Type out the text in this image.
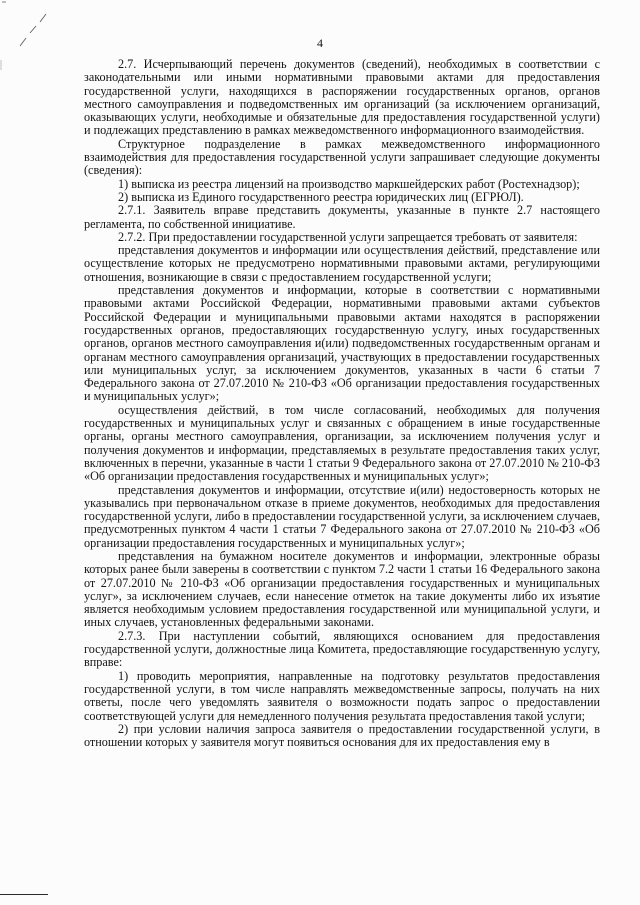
4

2.7. Исчерпывающий перечень документов (сведений), необходимых в соответствии с законодательными или иными нормативными правовыми актами для предоставления государственной услуги, находящихся в распоряжении государственных органов, органов местного самоуправления и подведомственных им организаций (за исключением организаций, оказывающих услуги, необходимые и обязательные для предоставления государственной услуги) и подлежащих представлению в рамках межведомственного информационного взаимодействия.

Структурное подразделение в рамках межведомственного информационного взаимодействия для предоставления государственной услуги запрашивает следующие документы (сведения):

1) выписка из реестра лицензий на производство маркшейдерских работ (Ростехнадзор);

2) выписка из Единого государственного реестра юридических лиц (ЕГРЮЛ).

2.7.1. Заявитель вправе представить документы, указанные в пункте 2.7 настоящего регламента, по собственной инициативе.

2.7.2. При предоставлении государственной услуги запрещается требовать от заявителя:

представления документов и информации или осуществления действий, представление или осуществление которых не предусмотрено нормативными правовыми актами, регулирующими отношения, возникающие в связи с предоставлением государственной услуги;

представления документов и информации, которые в соответствии с нормативными правовыми актами Российской Федерации, нормативными правовыми актами субъектов Российской Федерации и муниципальными правовыми актами находятся в распоряжении государственных органов, предоставляющих государственную услугу, иных государственных органов, органов местного самоуправления и(или) подведомственных государственным органам и органам местного самоуправления организаций, участвующих в предоставлении государственных или муниципальных услуг, за исключением документов, указанных в части 6 статьи 7 Федерального закона от 27.07.2010 № 210-ФЗ «Об организации предоставления государственных и муниципальных услуг»;

осуществления действий, в том числе согласований, необходимых для получения государственных и муниципальных услуг и связанных с обращением в иные государственные органы, органы местного самоуправления, организации, за исключением получения услуг и получения документов и информации, представляемых в результате предоставления таких услуг, включенных в перечни, указанные в части 1 статьи 9 Федерального закона от 27.07.2010 № 210-ФЗ «Об организации предоставления государственных и муниципальных услуг»;

представления документов и информации, отсутствие и(или) недостоверность которых не указывались при первоначальном отказе в приеме документов, необходимых для предоставления государственной услуги, либо в предоставлении государственной услуги, за исключением случаев, предусмотренных пунктом 4 части 1 статьи 7 Федерального закона от 27.07.2010 № 210-ФЗ «Об организации предоставления государственных и муниципальных услуг»;

представления на бумажном носителе документов и информации, электронные образы которых ранее были заверены в соответствии с пунктом 7.2 части 1 статьи 16 Федерального закона от 27.07.2010 № 210-ФЗ «Об организации предоставления государственных и муниципальных услуг», за исключением случаев, если нанесение отметок на такие документы либо их изъятие является необходимым условием предоставления государственной или муниципальной услуги, и иных случаев, установленных федеральными законами.

2.7.3. При наступлении событий, являющихся основанием для предоставления государственной услуги, должностные лица Комитета, предоставляющие государственную услугу, вправе:

1) проводить мероприятия, направленные на подготовку результатов предоставления государственной услуги, в том числе направлять межведомственные запросы, получать на них ответы, после чего уведомлять заявителя о возможности подать запрос о предоставлении соответствующей услуги для немедленного получения результата предоставления такой услуги;

2) при условии наличия запроса заявителя о предоставлении государственной услуги, в отношении которых у заявителя могут появиться основания для их предоставления ему в
